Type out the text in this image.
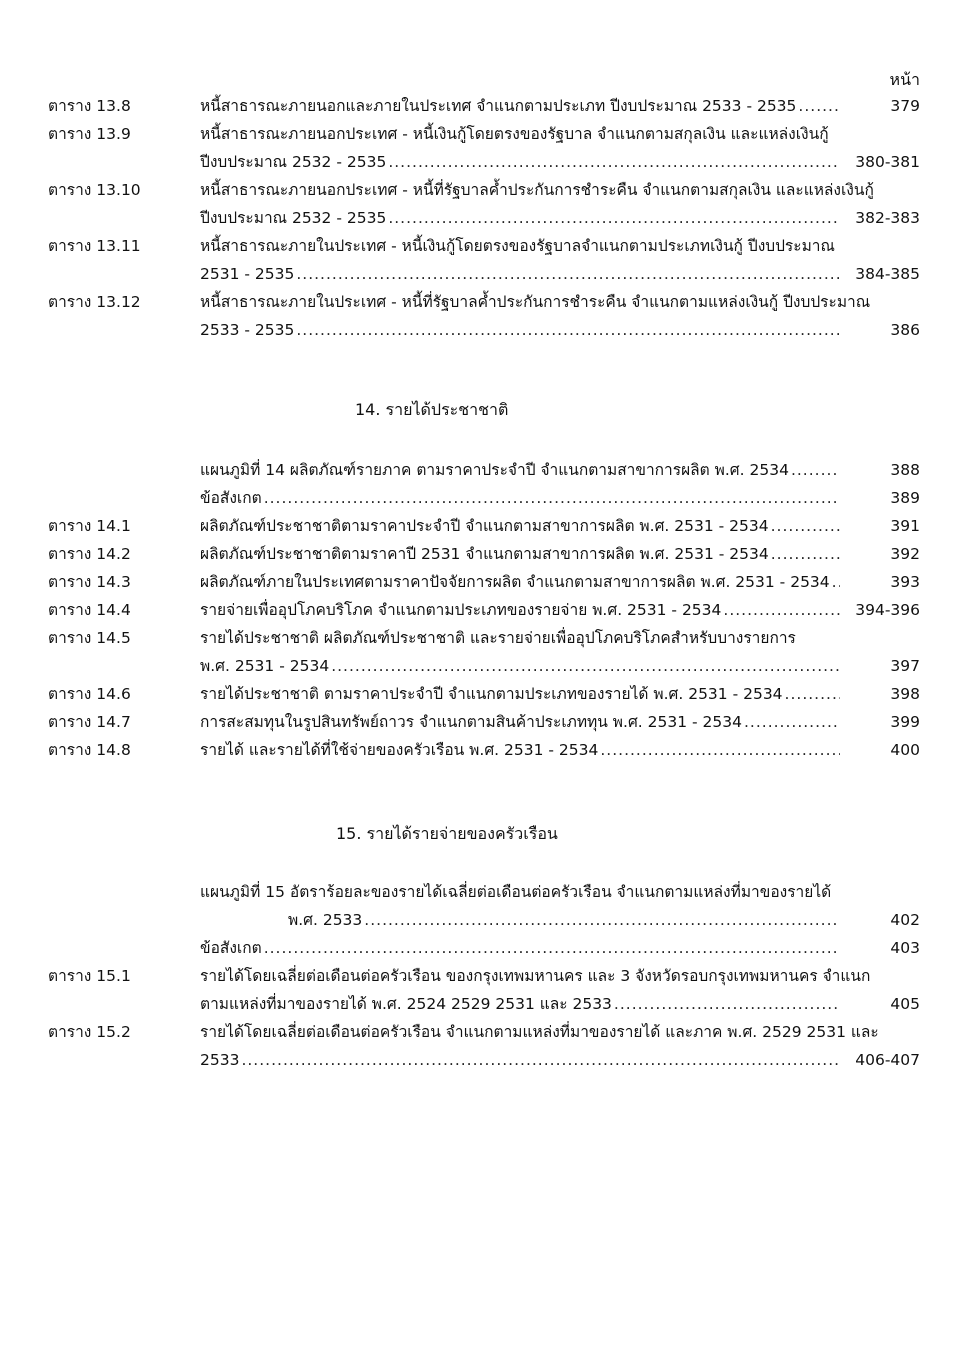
หน้า
ตาราง 13.8	หนี้สาธารณะภายนอกและภายในประเทศ จำแนกตามประเภท ปีงบประมาณ 2533 - 2535 .....	379
ตาราง 13.9	หนี้สาธารณะภายนอกประเทศ - หนี้เงินกู้โดยตรงของรัฐบาล จำแนกตามสกุลเงิน และแหล่งเงินกู้
ปีงบประมาณ 2532 - 2535 .....	380-381
ตาราง 13.10	หนี้สาธารณะภายนอกประเทศ - หนี้ที่รัฐบาลค้ำประกันการชำระคืน จำแนกตามสกุลเงิน และแหล่งเงินกู้
ปีงบประมาณ 2532 - 2535 .....	382-383
ตาราง 13.11	หนี้สาธารณะภายในประเทศ - หนี้เงินกู้โดยตรงของรัฐบาลจำแนกตามประเภทเงินกู้ ปีงบประมาณ
2531 - 2535 .....	384-385
ตาราง 13.12	หนี้สาธารณะภายในประเทศ - หนี้ที่รัฐบาลค้ำประกันการชำระคืน จำแนกตามแหล่งเงินกู้ ปีงบประมาณ
2533 - 2535 .....	386
14. รายได้ประชาชาติ
แผนภูมิที่ 14 ผลิตภัณฑ์รายภาค ตามราคาประจำปี จำแนกตามสาขาการผลิต พ.ศ. 2534 .....	388
ข้อสังเกต .....	389
ตาราง 14.1	ผลิตภัณฑ์ประชาชาติตามราคาประจำปี จำแนกตามสาขาการผลิต พ.ศ. 2531 - 2534 .....	391
ตาราง 14.2	ผลิตภัณฑ์ประชาชาติตามราคาปี 2531 จำแนกตามสาขาการผลิต พ.ศ. 2531 - 2534 .....	392
ตาราง 14.3	ผลิตภัณฑ์ภายในประเทศตามราคาปัจจัยการผลิต จำแนกตามสาขาการผลิต พ.ศ. 2531 - 2534 .....	393
ตาราง 14.4	รายจ่ายเพื่ออุปโภคบริโภค จำแนกตามประเภทของรายจ่าย พ.ศ. 2531 - 2534 .....	394-396
ตาราง 14.5	รายได้ประชาชาติ ผลิตภัณฑ์ประชาชาติ และรายจ่ายเพื่ออุปโภคบริโภคสำหรับบางรายการ
พ.ศ. 2531 - 2534 .....	397
ตาราง 14.6	รายได้ประชาชาติ ตามราคาประจำปี จำแนกตามประเภทของรายได้ พ.ศ. 2531 - 2534 .....	398
ตาราง 14.7	การสะสมทุนในรูปสินทรัพย์ถาวร จำแนกตามสินค้าประเภททุน พ.ศ. 2531 - 2534 .....	399
ตาราง 14.8	รายได้ และรายได้ที่ใช้จ่ายของครัวเรือน พ.ศ. 2531 - 2534 .....	400
15. รายได้รายจ่ายของครัวเรือน
แผนภูมิที่ 15 อัตราร้อยละของรายได้เฉลี่ยต่อเดือนต่อครัวเรือน จำแนกตามแหล่งที่มาของรายได้
พ.ศ. 2533 .....	402
ข้อสังเกต .....	403
ตาราง 15.1	รายได้โดยเฉลี่ยต่อเดือนต่อครัวเรือน ของกรุงเทพมหานคร และ 3 จังหวัดรอบกรุงเทพมหานคร จำแนก
ตามแหล่งที่มาของรายได้ พ.ศ. 2524 2529 2531 และ 2533 .....	405
ตาราง 15.2	รายได้โดยเฉลี่ยต่อเดือนต่อครัวเรือน จำแนกตามแหล่งที่มาของรายได้ และภาค พ.ศ. 2529 2531 และ
2533 .....	406-407
